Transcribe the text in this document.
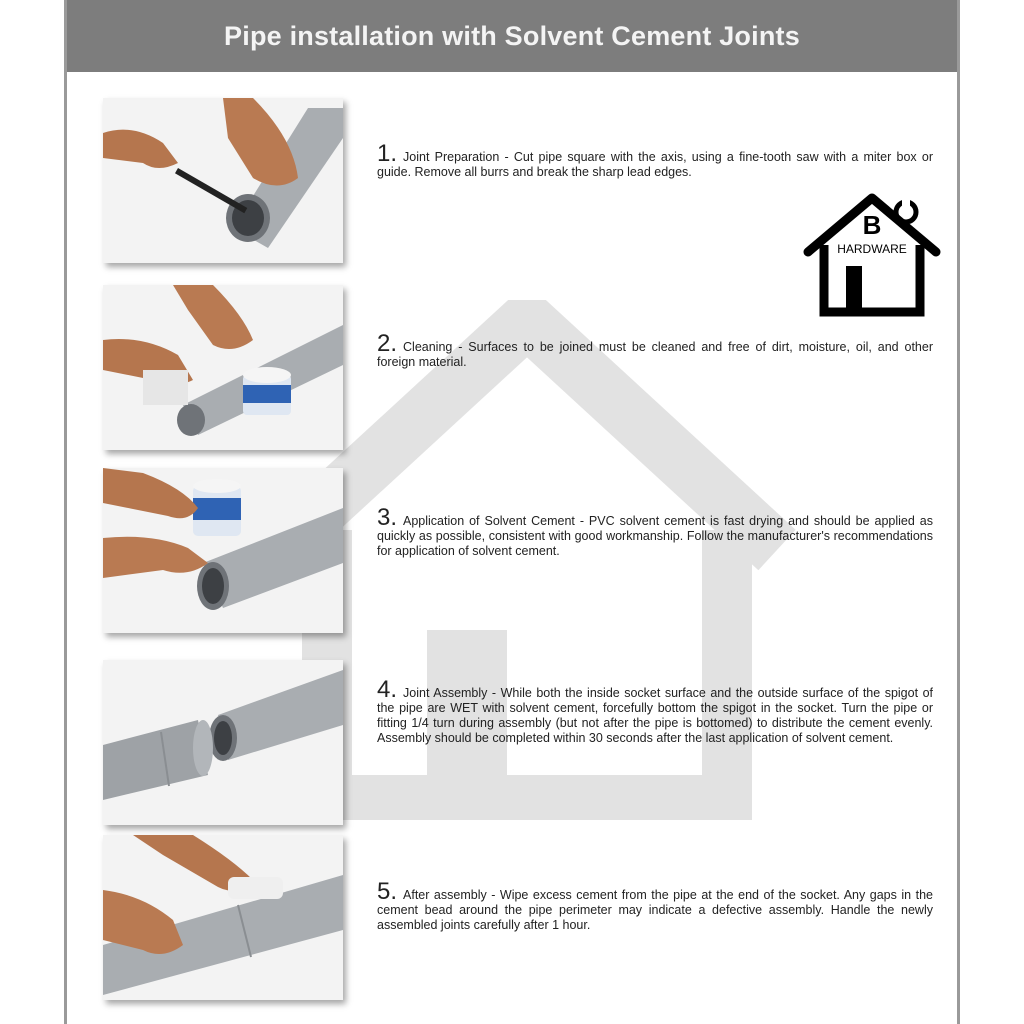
Pipe installation with Solvent Cement Joints
1. Joint Preparation - Cut pipe square with the axis, using a fine-tooth saw with a miter box or guide. Remove all burrs and break the sharp lead edges.
2. Cleaning - Surfaces to be joined must be cleaned and free of dirt, moisture, oil, and other foreign material.
3. Application of Solvent Cement - PVC solvent cement is fast drying and should be applied as quickly as possible, consistent with good workmanship. Follow the manufacturer's recommendations for application of solvent cement.
4. Joint Assembly - While both the inside socket surface and the outside surface of the spigot of the pipe are WET with solvent cement, forcefully bottom the spigot in the socket. Turn the pipe or fitting 1/4 turn during assembly (but not after the pipe is bottomed) to distribute the cement evenly. Assembly should be completed within 30 seconds after the last application of solvent cement.
5. After assembly - Wipe excess cement from the pipe at the end of the socket. Any gaps in the cement bead around the pipe perimeter may indicate a defective assembly. Handle the newly assembled joints carefully after 1 hour.
B
HARDWARE
